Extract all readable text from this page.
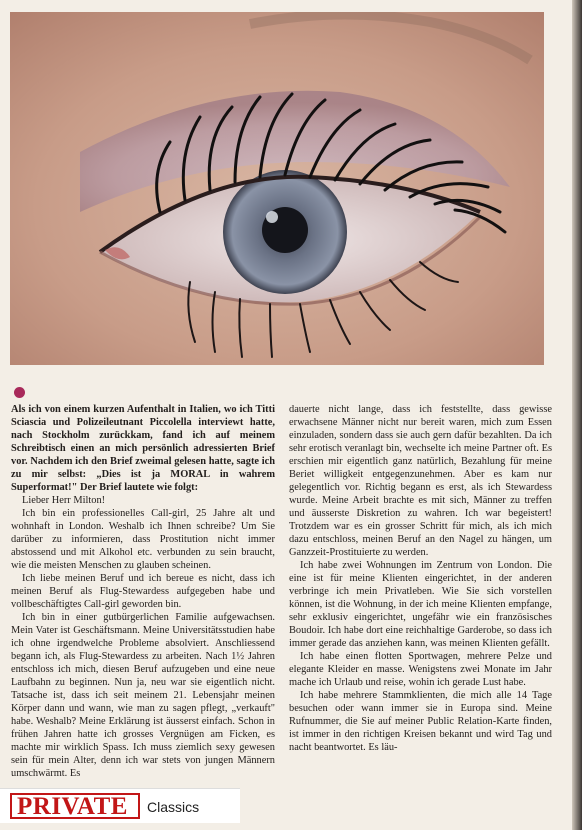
Als ich von einem kurzen Aufenthalt in Italien, wo ich Titti Sciascia und Polizeileutnant Piccolella interviewt hatte, nach Stockholm zurückkam, fand ich auf meinem Schreibtisch einen an mich persönlich adressierten Brief vor. Nachdem ich den Brief zweimal gelesen hatte, sagte ich zu mir selbst: „Dies ist ja MORAL in wahrem Superformat!" Der Brief lautete wie folgt:

Lieber Herr Milton!

Ich bin ein professionelles Call-girl, 25 Jahre alt und wohnhaft in London. Weshalb ich Ihnen schreibe? Um Sie darüber zu informieren, dass Prostitution nicht immer abstossend und mit Alkohol etc. verbunden zu sein braucht, wie die meisten Menschen zu glauben scheinen.

Ich liebe meinen Beruf und ich bereue es nicht, dass ich meinen Beruf als Flug-Stewardess aufgegeben habe und vollbeschäftigtes Call-girl geworden bin.

Ich bin in einer gutbürgerlichen Familie aufgewachsen. Mein Vater ist Geschäftsmann. Meine Universitätsstudien habe ich ohne irgendwelche Probleme absolviert. Anschliessend begann ich, als Flug-Stewardess zu arbeiten. Nach 1½ Jahren entschloss ich mich, diesen Beruf aufzugeben und eine neue Laufbahn zu beginnen. Nun ja, neu war sie eigentlich nicht. Tatsache ist, dass ich seit meinem 21. Lebensjahr meinen Körper dann und wann, wie man zu sagen pflegt, „verkauft" habe. Weshalb? Meine Erklärung ist äusserst einfach. Schon in frühen Jahren hatte ich grosses Vergnügen am Ficken, es machte mir wirklich Spass. Ich muss ziemlich sexy gewesen sein für mein Alter, denn ich war stets von jungen Männern umschwärmt. Es

dauerte nicht lange, dass ich feststellte, dass gewisse erwachsene Männer nicht nur bereit waren, mich zum Essen einzuladen, sondern dass sie auch gern dafür bezahlten. Da ich sehr erotisch veranlagt bin, wechselte ich meine Partner oft. Es erschien mir eigentlich ganz natürlich, Bezahlung für meine Beriet willigkeit entgegenzunehmen. Aber es kam nur gelegentlich vor. Richtig begann es erst, als ich Stewardess wurde. Meine Arbeit brachte es mit sich, Männer zu treffen und äusserste Diskretion zu wahren. Ich war begeistert! Trotzdem war es ein grosser Schritt für mich, als ich mich dazu entschloss, meinen Beruf an den Nagel zu hängen, um Ganzzeit-Prostituierte zu werden.

Ich habe zwei Wohnungen im Zentrum von London. Die eine ist für meine Klienten eingerichtet, in der anderen verbringe ich mein Privatleben. Wie Sie sich vorstellen können, ist die Wohnung, in der ich meine Klienten empfange, sehr exklusiv eingerichtet, ungefähr wie ein französisches Boudoir. Ich habe dort eine reichhaltige Garderobe, so dass ich immer gerade das anziehen kann, was meinen Klienten gefällt.

Ich habe einen flotten Sportwagen, mehrere Pelze und elegante Kleider en masse. Wenigstens zwei Monate im Jahr mache ich Urlaub und reise, wohin ich gerade Lust habe.

Ich habe mehrere Stammklienten, die mich alle 14 Tage besuchen oder wann immer sie in Europa sind. Meine Rufnummer, die Sie auf meiner Public Relation-Karte finden, ist immer in den richtigen Kreisen bekannt und wird Tag und nacht beantwortet. Es läu-

PRIVATE Classics
